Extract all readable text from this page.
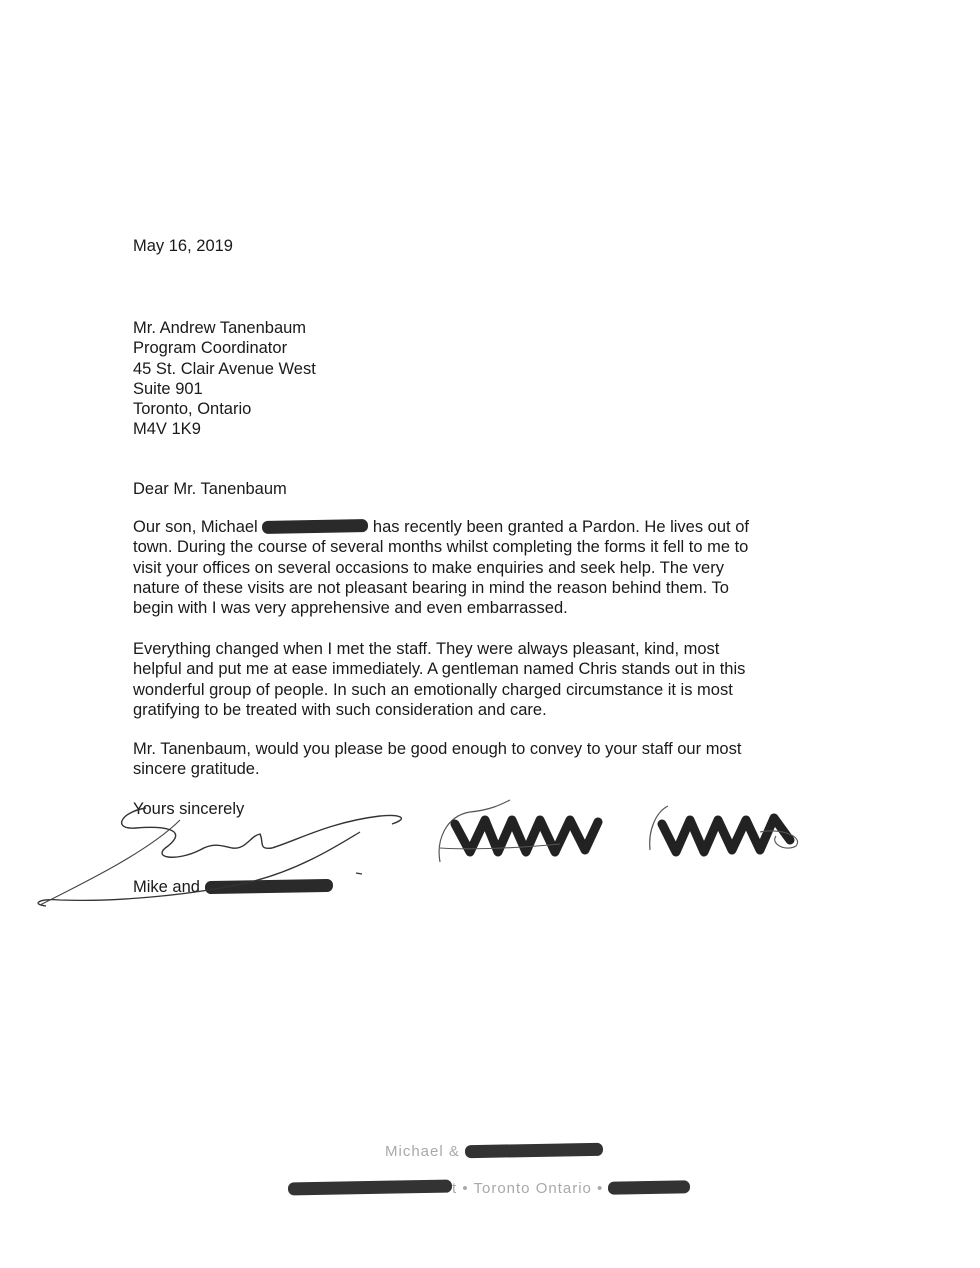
May 16, 2019
Mr. Andrew Tanenbaum
Program Coordinator
45 St. Clair Avenue West
Suite 901
Toronto, Ontario
M4V 1K9
Dear Mr. Tanenbaum
Our son, Michael	has recently been granted a Pardon. He lives out of
town. During the course of several months whilst completing the forms it fell to me to
visit your offices on several occasions to make enquiries and seek help. The very
nature of these visits are not pleasant bearing in mind the reason behind them. To
begin with I was very apprehensive and even embarrassed.
Everything changed when I met the staff. They were always pleasant, kind, most
helpful and put me at ease immediately. A gentleman named Chris stands out in this
wonderful group of people. In such an emotionally charged circumstance it is most
gratifying to be treated with such consideration and care.
Mr. Tanenbaum, would you please be good enough to convey to your staff our most
sincere gratitude.
Yours sincerely
Mike and
Michael &
t • Toronto Ontario •
